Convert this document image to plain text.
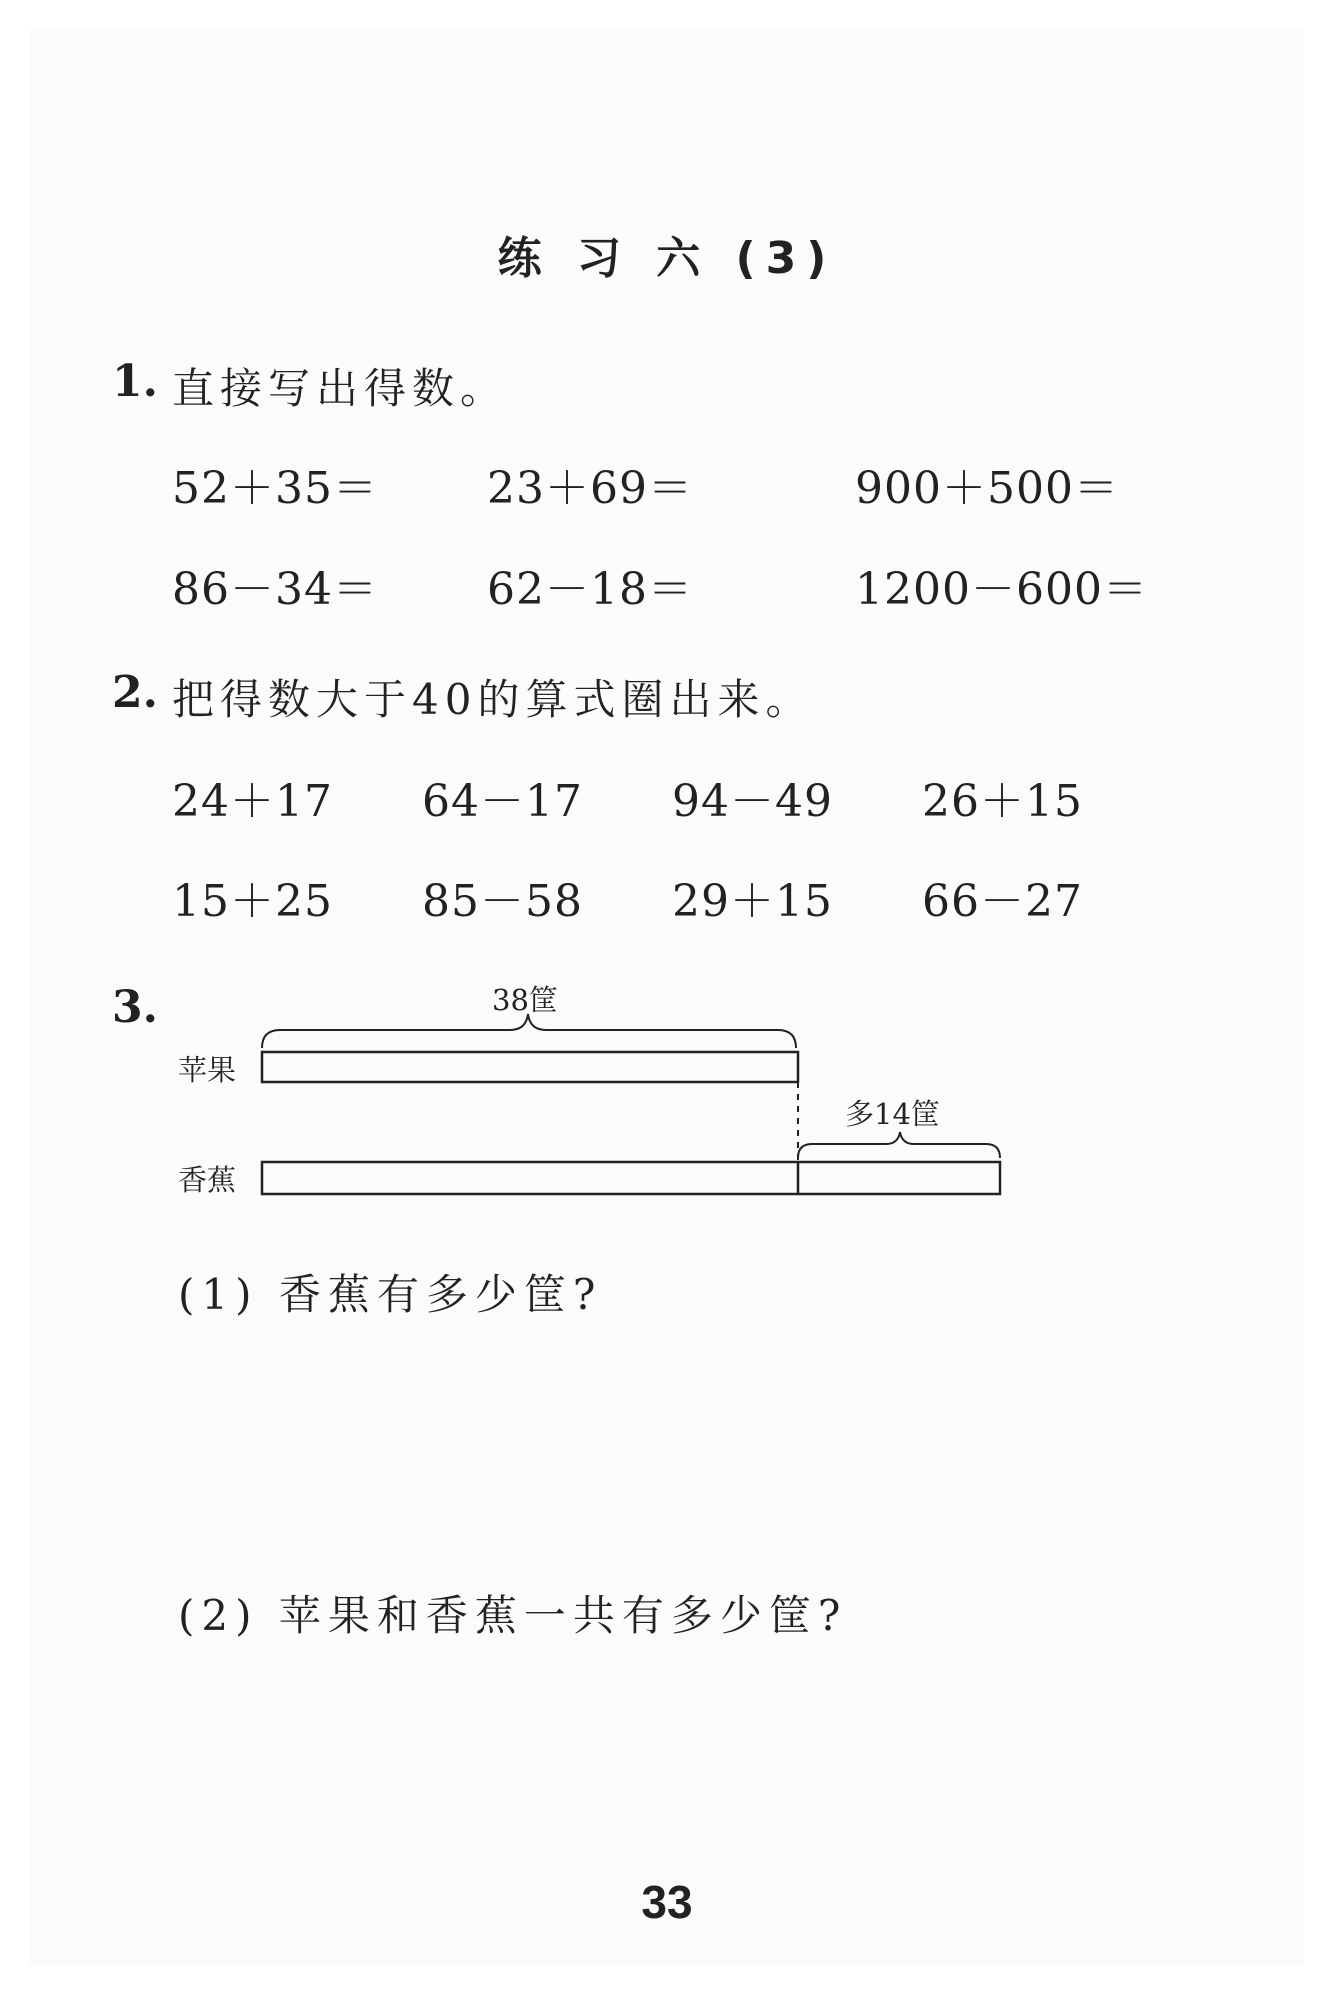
练 习 六 (3)
1. 直接写出得数。
52＋35＝ 23＋69＝	900＋500＝
86－34＝ 62－18＝	1200－600＝
2. 把得数大于40的算式圈出来。
24＋17 64－17 94－49 26＋15
15＋25 85－58 29＋15 66－27
3.	38筐
苹果
多14筐
香蕉
(1) 香蕉有多少筐?
(2) 苹果和香蕉一共有多少筐?
33
